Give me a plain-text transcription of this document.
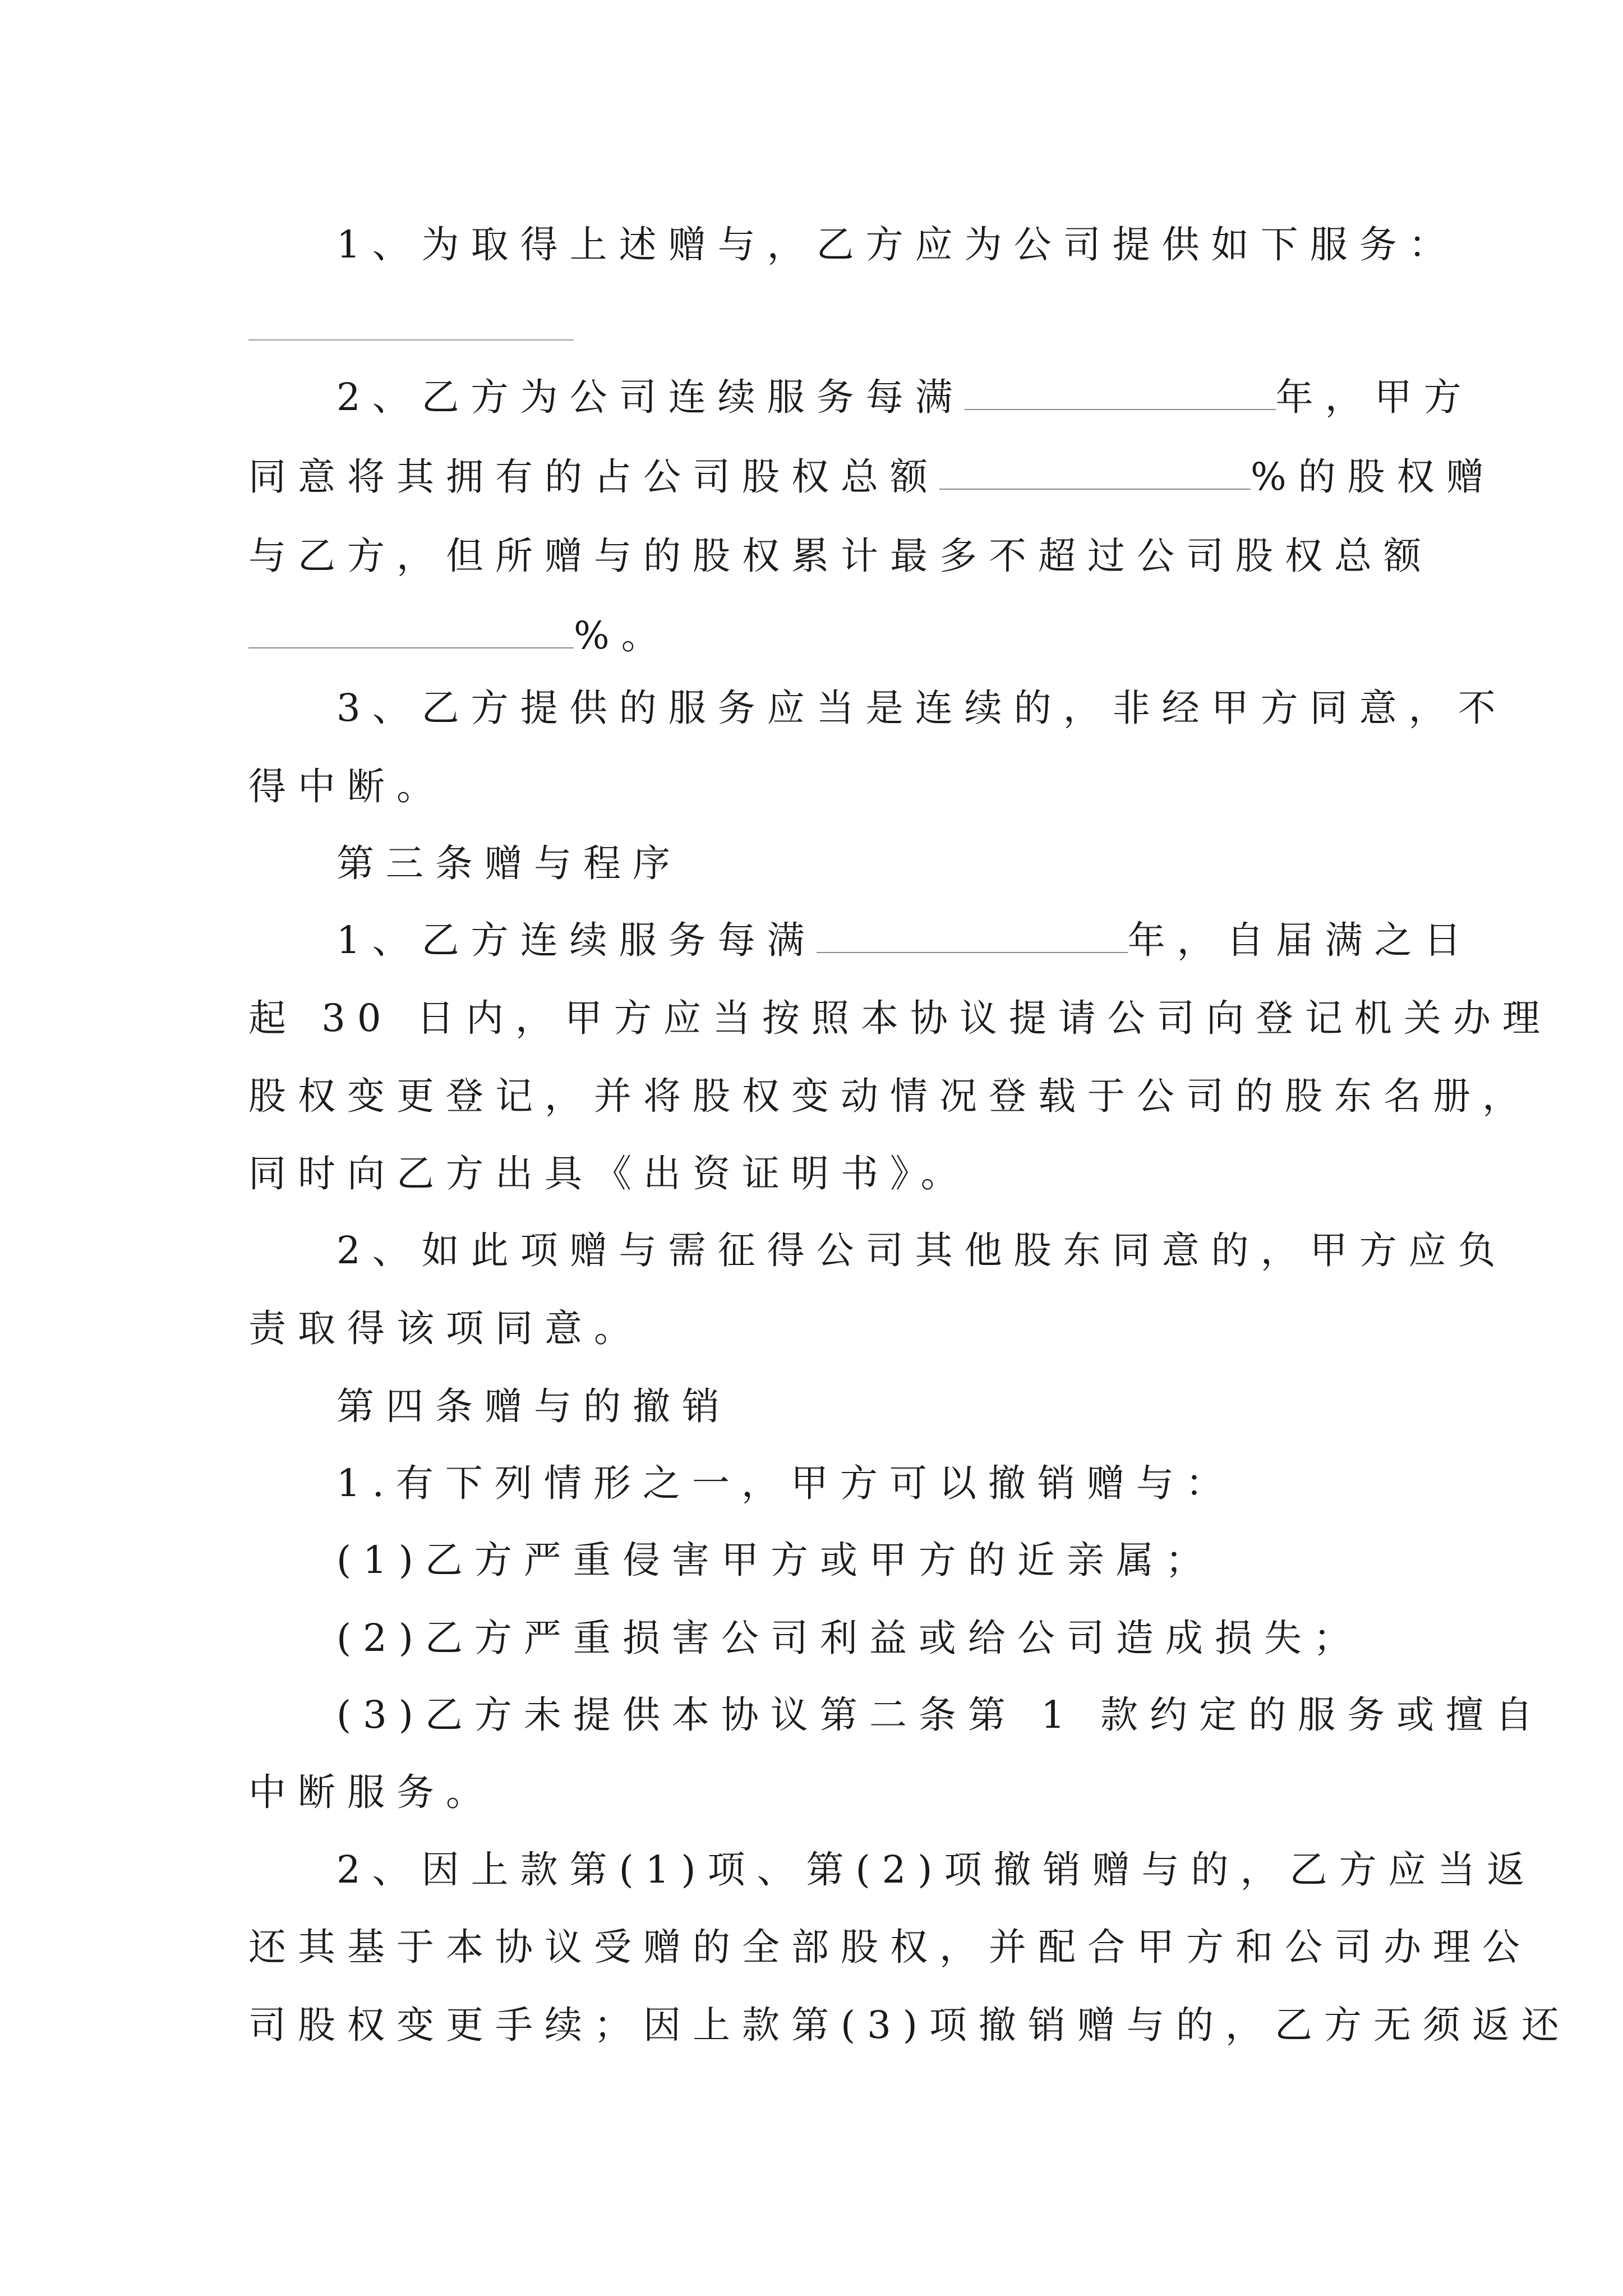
1、为取得上述赠与，乙方应为公司提供如下服务：
2、乙方为公司连续服务每满	年，甲方
同意将其拥有的占公司股权总额	%的股权赠
与乙方，但所赠与的股权累计最多不超过公司股权总额
%。
3、乙方提供的服务应当是连续的，非经甲方同意，不
得中断。
第三条赠与程序
1、乙方连续服务每满	年，自届满之日
起 30 日内，甲方应当按照本协议提请公司向登记机关办理
股权变更登记，并将股权变动情况登载于公司的股东名册，
同时向乙方出具《出资证明书》。
2、如此项赠与需征得公司其他股东同意的，甲方应负
责取得该项同意。
第四条赠与的撤销
1.有下列情形之一，甲方可以撤销赠与：
(1)乙方严重侵害甲方或甲方的近亲属；
(2)乙方严重损害公司利益或给公司造成损失；
(3)乙方未提供本协议第二条第 1 款约定的服务或擅自
中断服务。
2、因上款第(1)项、第(2)项撤销赠与的，乙方应当返
还其基于本协议受赠的全部股权，并配合甲方和公司办理公
司股权变更手续；因上款第(3)项撤销赠与的，乙方无须返还
